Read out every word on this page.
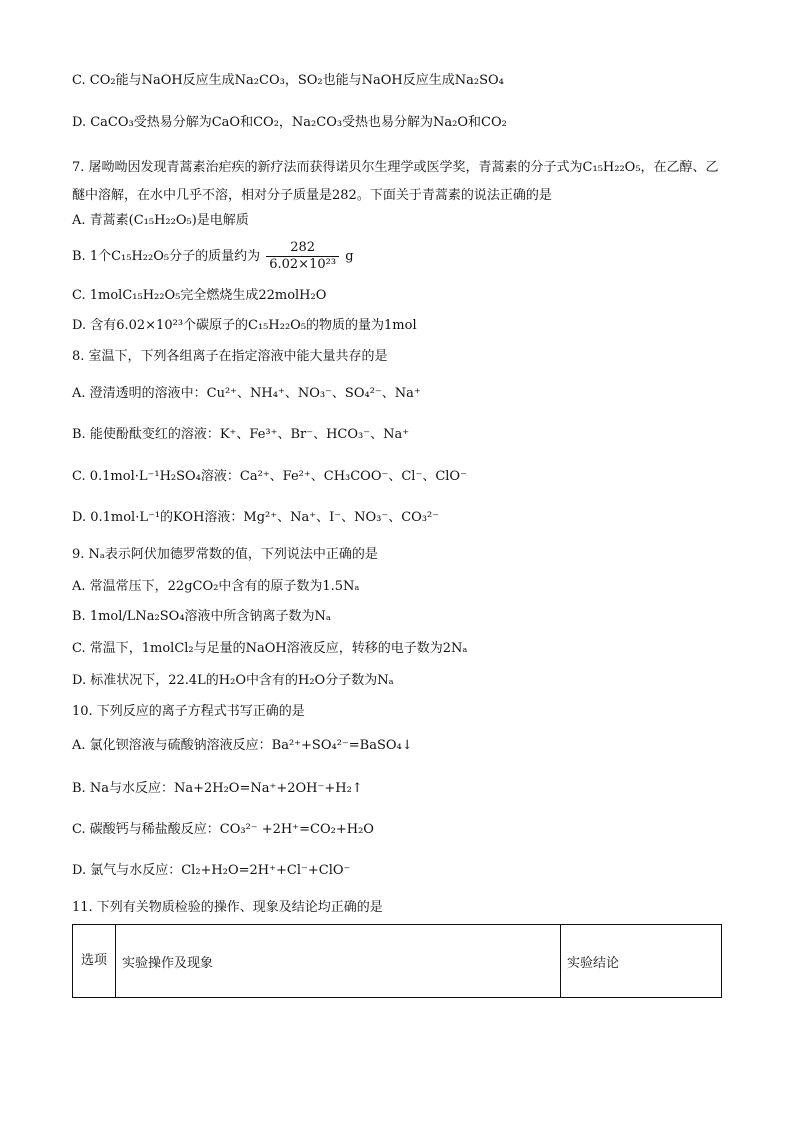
C. CO₂能与NaOH反应生成Na₂CO₃，SO₂也能与NaOH反应生成Na₂SO₄
D. CaCO₃受热易分解为CaO和CO₂，Na₂CO₃受热也易分解为Na₂O和CO₂
7. 屠呦呦因发现青蒿素治疟疾的新疗法而获得诺贝尔生理学或医学奖，青蒿素的分子式为C₁₅H₂₂O₅，在乙醇、乙醚中溶解，在水中几乎不溶，相对分子质量是282。下面关于青蒿素的说法正确的是
A. 青蒿素(C₁₅H₂₂O₅)是电解质
B. 1个C₁₅H₂₂O₅分子的质量约为 $\frac{282}{\text{6.02×10²³}}$ g
C. 1molC₁₅H₂₂O₅完全燃烧生成22molH₂O
D. 含有6.02×10²³个碳原子的C₁₅H₂₂O₅的物质的量为1mol
8. 室温下，下列各组离子在指定溶液中能大量共存的是
A. 澄清透明的溶液中：Cu²⁺、NH₄⁺、NO₃⁻、SO₄²⁻、Na⁺
B. 能使酚酞变红的溶液：K⁺、Fe³⁺、Br⁻、HCO₃⁻、Na⁺
C. 0.1mol·L⁻¹H₂SO₄溶液：Ca²⁺、Fe²⁺、CH₃COO⁻、Cl⁻、ClO⁻
D. 0.1mol·L⁻¹的KOH溶液：Mg²⁺、Na⁺、I⁻、NO₃⁻、CO₃²⁻
9. Nₐ表示阿伏加德罗常数的值，下列说法中正确的是
A. 常温常压下，22gCO₂中含有的原子数为1.5Nₐ
B. 1mol/LNa₂SO₄溶液中所含钠离子数为Nₐ
C. 常温下，1molCl₂与足量的NaOH溶液反应，转移的电子数为2Nₐ
D. 标准状况下，22.4L的H₂O中含有的H₂O分子数为Nₐ
10. 下列反应的离子方程式书写正确的是
A. 氯化钡溶液与硫酸钠溶液反应：Ba²⁺+SO₄²⁻=BaSO₄↓
B. Na与水反应：Na+2H₂O=Na⁺+2OH⁻+H₂↑
C. 碳酸钙与稀盐酸反应：CO₃²⁻ +2H⁺=CO₂+H₂O
D. 氯气与水反应：Cl₂+H₂O=2H⁺+Cl⁻+ClO⁻
11. 下列有关物质检验的操作、现象及结论均正确的是
选项	实验操作及现象	实验结论
